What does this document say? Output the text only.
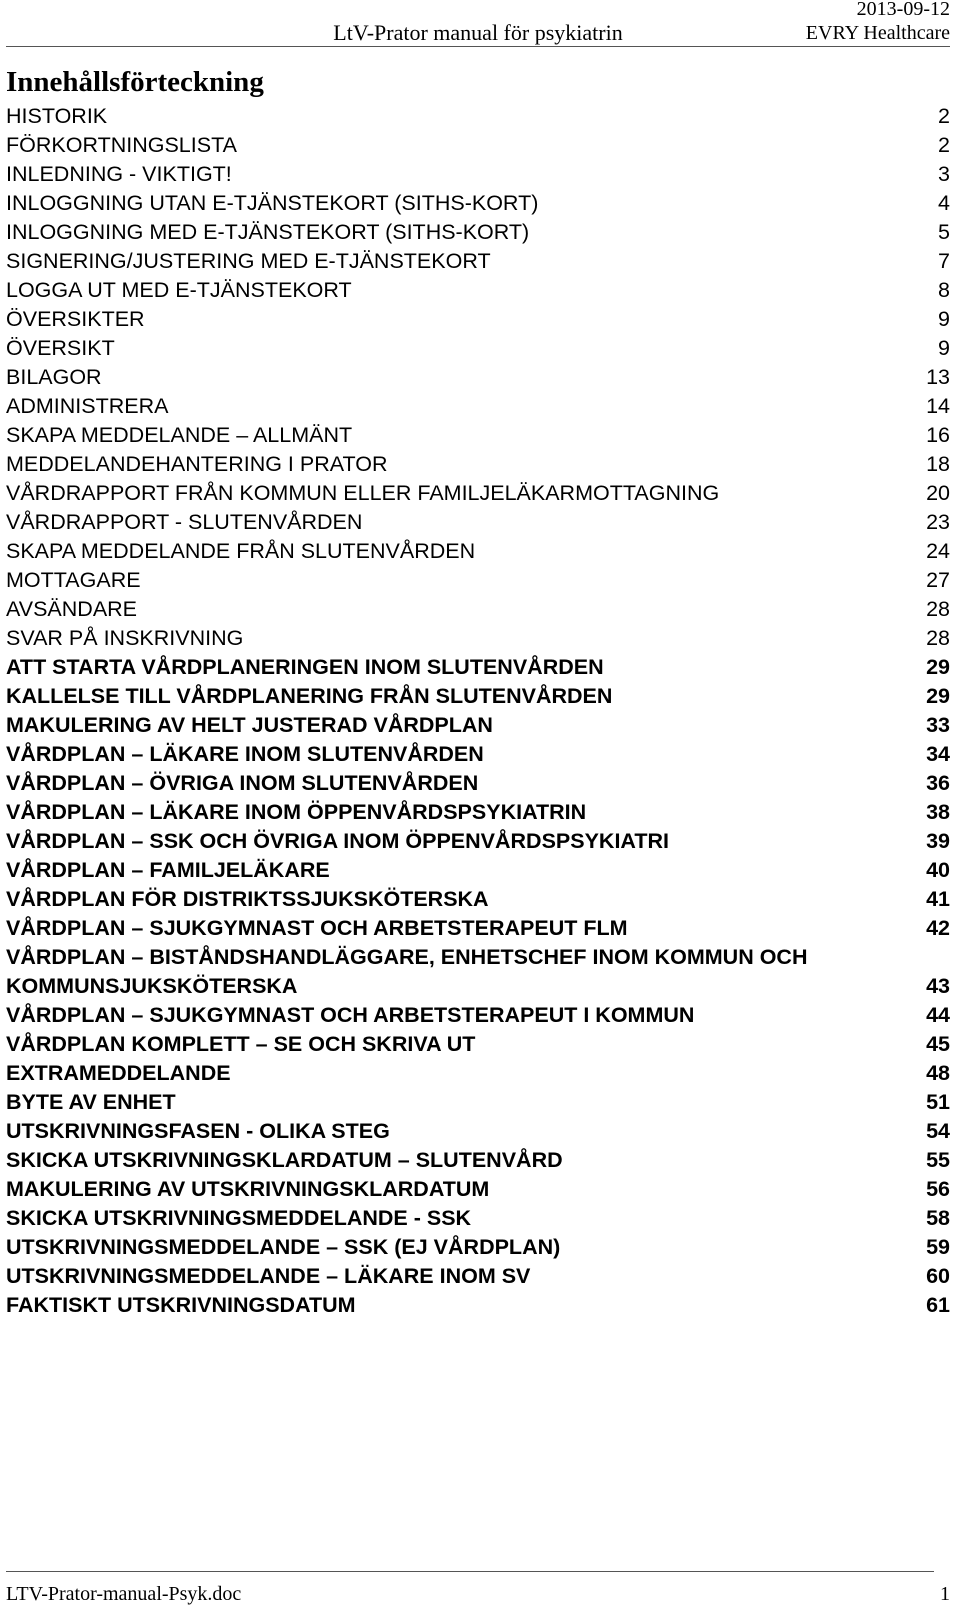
LtV-Prator manual för psykiatrin
2013-09-12
EVRY Healthcare
Innehållsförteckning
HISTORIK	2
FÖRKORTNINGSLISTA	2
INLEDNING - VIKTIGT!	3
INLOGGNING UTAN E-TJÄNSTEKORT (SITHS-KORT)	4
INLOGGNING MED E-TJÄNSTEKORT (SITHS-KORT)	5
SIGNERING/JUSTERING MED E-TJÄNSTEKORT	7
LOGGA UT MED E-TJÄNSTEKORT	8
ÖVERSIKTER	9
ÖVERSIKT	9
BILAGOR	13
ADMINISTRERA	14
SKAPA MEDDELANDE – ALLMÄNT	16
MEDDELANDEHANTERING I PRATOR	18
VÅRDRAPPORT FRÅN KOMMUN ELLER FAMILJELÄKARMOTTAGNING	20
VÅRDRAPPORT - SLUTENVÅRDEN	23
SKAPA MEDDELANDE FRÅN SLUTENVÅRDEN	24
MOTTAGARE	27
AVSÄNDARE	28
SVAR PÅ INSKRIVNING	28
ATT STARTA VÅRDPLANERINGEN INOM SLUTENVÅRDEN	29
KALLELSE TILL VÅRDPLANERING FRÅN SLUTENVÅRDEN	29
MAKULERING AV HELT JUSTERAD VÅRDPLAN	33
VÅRDPLAN – LÄKARE INOM SLUTENVÅRDEN	34
VÅRDPLAN – ÖVRIGA INOM SLUTENVÅRDEN	36
VÅRDPLAN – LÄKARE INOM ÖPPENVÅRDSPSYKIATRIN	38
VÅRDPLAN – SSK OCH ÖVRIGA INOM ÖPPENVÅRDSPSYKIATRI	39
VÅRDPLAN – FAMILJELÄKARE	40
VÅRDPLAN FÖR DISTRIKTSSJUKSKÖTERSKA	41
VÅRDPLAN – SJUKGYMNAST OCH ARBETSTERAPEUT FLM	42
VÅRDPLAN – BISTÅNDSHANDLÄGGARE, ENHETSCHEF INOM KOMMUN OCH
KOMMUNSJUKSKÖTERSKA	43
VÅRDPLAN – SJUKGYMNAST OCH ARBETSTERAPEUT I KOMMUN	44
VÅRDPLAN KOMPLETT – SE OCH SKRIVA UT	45
EXTRAMEDDELANDE	48
BYTE AV ENHET	51
UTSKRIVNINGSFASEN - OLIKA STEG	54
SKICKA UTSKRIVNINGSKLARDATUM – SLUTENVÅRD	55
MAKULERING AV UTSKRIVNINGSKLARDATUM	56
SKICKA UTSKRIVNINGSMEDDELANDE - SSK	58
UTSKRIVNINGSMEDDELANDE – SSK (EJ VÅRDPLAN)	59
UTSKRIVNINGSMEDDELANDE – LÄKARE INOM SV	60
FAKTISKT UTSKRIVNINGSDATUM	61
LTV-Prator-manual-Psyk.doc	1
